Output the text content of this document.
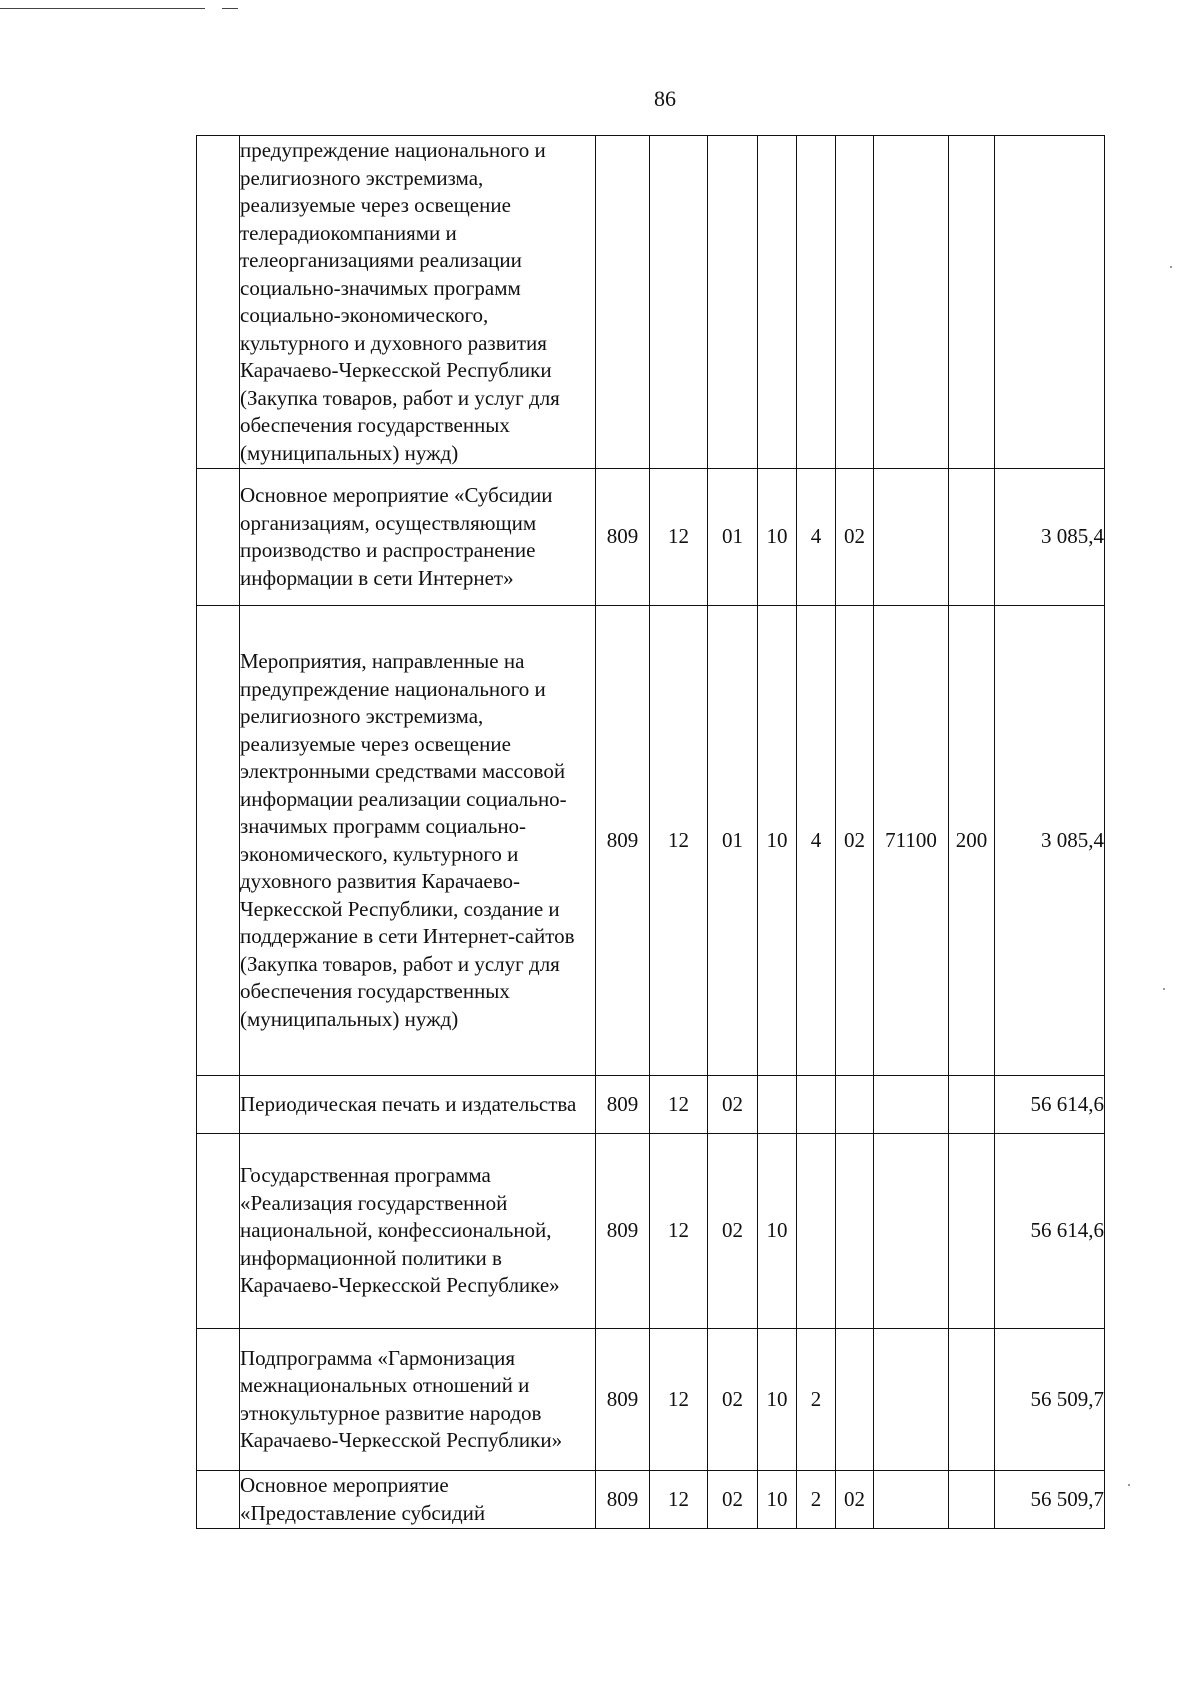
86
	предупреждение национального и религиозного экстремизма, реализуемые через освещение телерадиокомпаниями и телеорганизациями реализации социально-значимых программ социально-экономического, культурного и духовного развития Карачаево-Черкесской Республики (Закупка товаров, работ и услуг для обеспечения государственных (муниципальных) нужд)									
	Основное мероприятие «Субсидии организациям, осуществляющим производство и распространение информации в сети Интернет»	809	12	01	10	4	02			3 085,4
	Мероприятия, направленные на предупреждение национального и религиозного экстремизма, реализуемые через освещение электронными средствами массовой информации реализации социально-значимых программ социально-экономического, культурного и духовного развития Карачаево-Черкесской Республики, создание и поддержание в сети Интернет-сайтов (Закупка товаров, работ и услуг для обеспечения государственных (муниципальных) нужд)	809	12	01	10	4	02	71100	200	3 085,4
	Периодическая печать и издательства	809	12	02						56 614,6
	Государственная программа «Реализация государственной национальной, конфессиональной, информационной политики в Карачаево-Черкесской Республике»	809	12	02	10					56 614,6
	Подпрограмма «Гармонизация межнациональных отношений и этнокультурное развитие народов Карачаево-Черкесской Республики»	809	12	02	10	2				56 509,7
	Основное мероприятие «Предоставление субсидий	809	12	02	10	2	02			56 509,7
